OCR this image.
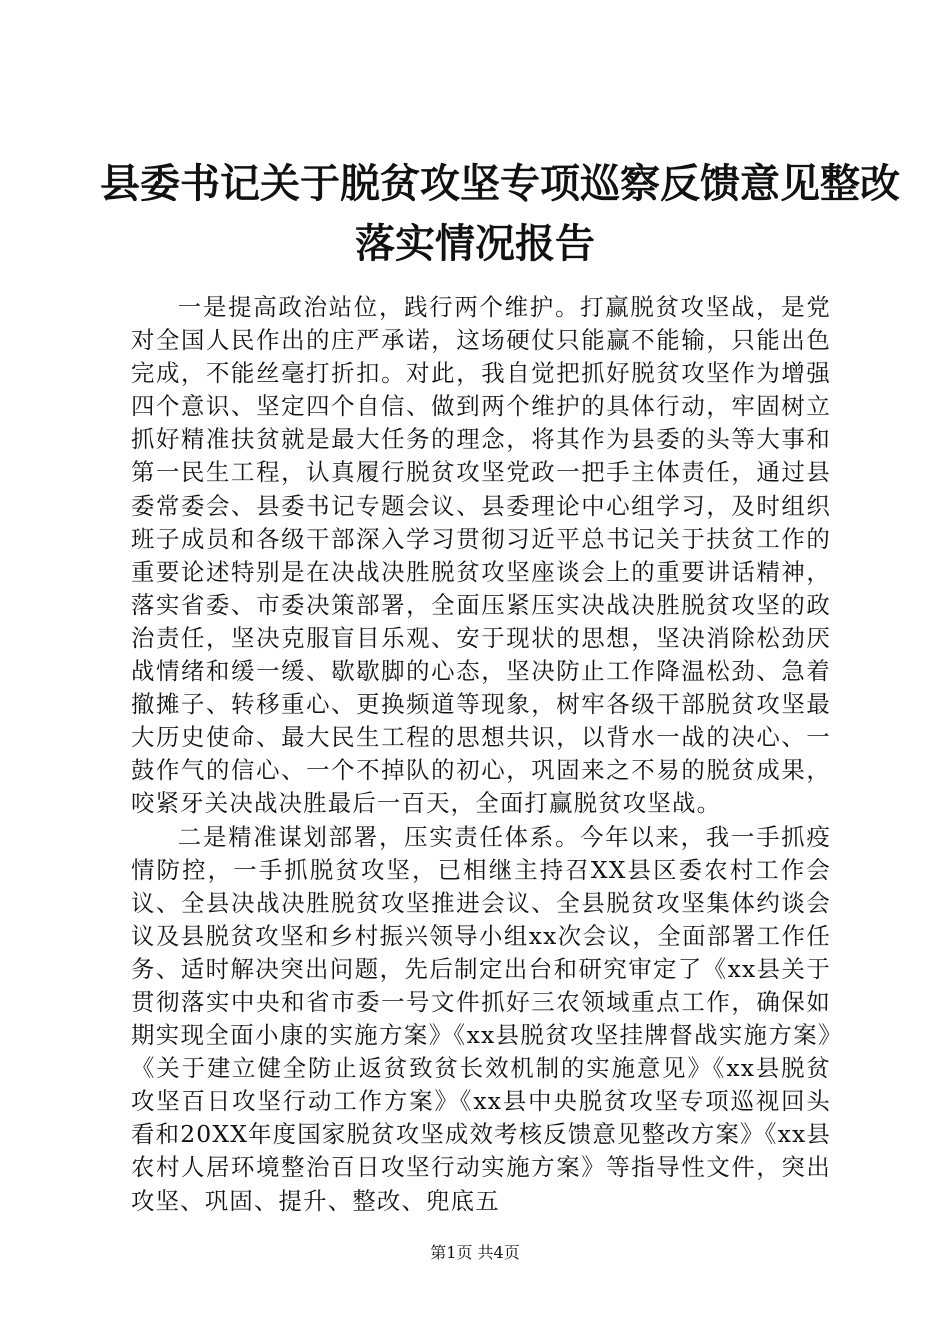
县委书记关于脱贫攻坚专项巡察反馈意见整改
落实情况报告

一是提高政治站位，践行两个维护。打赢脱贫攻坚战，是党对全国人民作出的庄严承诺，这场硬仗只能赢不能输，只能出色完成，不能丝毫打折扣。对此，我自觉把抓好脱贫攻坚作为增强四个意识、坚定四个自信、做到两个维护的具体行动，牢固树立抓好精准扶贫就是最大任务的理念，将其作为县委的头等大事和第一民生工程，认真履行脱贫攻坚党政一把手主体责任，通过县委常委会、县委书记专题会议、县委理论中心组学习，及时组织班子成员和各级干部深入学习贯彻习近平总书记关于扶贫工作的重要论述特别是在决战决胜脱贫攻坚座谈会上的重要讲话精神，落实省委、市委决策部署，全面压紧压实决战决胜脱贫攻坚的政治责任，坚决克服盲目乐观、安于现状的思想，坚决消除松劲厌战情绪和缓一缓、歇歇脚的心态，坚决防止工作降温松劲、急着撤摊子、转移重心、更换频道等现象，树牢各级干部脱贫攻坚最大历史使命、最大民生工程的思想共识，以背水一战的决心、一鼓作气的信心、一个不掉队的初心，巩固来之不易的脱贫成果，咬紧牙关决战决胜最后一百天，全面打赢脱贫攻坚战。

二是精准谋划部署，压实责任体系。今年以来，我一手抓疫情防控，一手抓脱贫攻坚，已相继主持召XX县区委农村工作会议、全县决战决胜脱贫攻坚推进会议、全县脱贫攻坚集体约谈会议及县脱贫攻坚和乡村振兴领导小组xx次会议，全面部署工作任务、适时解决突出问题，先后制定出台和研究审定了《xx县关于贯彻落实中央和省市委一号文件抓好三农领域重点工作，确保如期实现全面小康的实施方案》《xx县脱贫攻坚挂牌督战实施方案》《关于建立健全防止返贫致贫长效机制的实施意见》《xx县脱贫攻坚百日攻坚行动工作方案》《xx县中央脱贫攻坚专项巡视回头看和20XX年度国家脱贫攻坚成效考核反馈意见整改方案》《xx县农村人居环境整治百日攻坚行动实施方案》等指导性文件，突出攻坚、巩固、提升、整改、兜底五

第1页 共4页
